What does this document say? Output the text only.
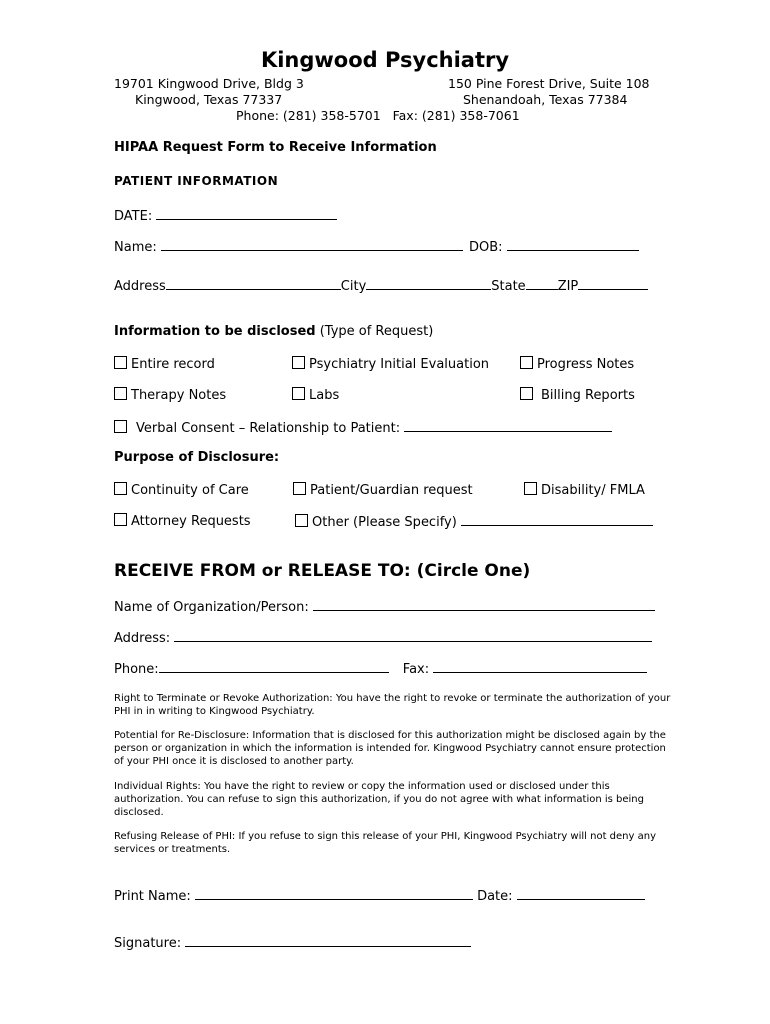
Kingwood Psychiatry
19701 Kingwood Drive, Bldg 3
Kingwood, Texas 77337
150 Pine Forest Drive, Suite 108
Shenandoah, Texas 77384
Phone: (281) 358-5701   Fax: (281) 358-7061
HIPAA Request Form to Receive Information
PATIENT INFORMATION
DATE:
Name:	DOB:
Address	City	State ZIP
Information to be disclosed (Type of Request)
Entire record	Psychiatry Initial Evaluation	Progress Notes
Therapy Notes	Labs	Billing Reports
Verbal Consent – Relationship to Patient:
Purpose of Disclosure:
Continuity of Care	Patient/Guardian request	Disability/ FMLA
Attorney Requests	Other (Please Specify)
RECEIVE FROM or RELEASE TO: (Circle One)
Name of Organization/Person:
Address:
Phone:	Fax:
Right to Terminate or Revoke Authorization: You have the right to revoke or terminate the authorization of your PHI in in writing to Kingwood Psychiatry.
Potential for Re-Disclosure: Information that is disclosed for this authorization might be disclosed again by the person or organization in which the information is intended for. Kingwood Psychiatry cannot ensure protection of your PHI once it is disclosed to another party.
Individual Rights: You have the right to review or copy the information used or disclosed under this authorization. You can refuse to sign this authorization, if you do not agree with what information is being disclosed.
Refusing Release of PHI: If you refuse to sign this release of your PHI, Kingwood Psychiatry will not deny any services or treatments.
Print Name:	Date:
Signature:
